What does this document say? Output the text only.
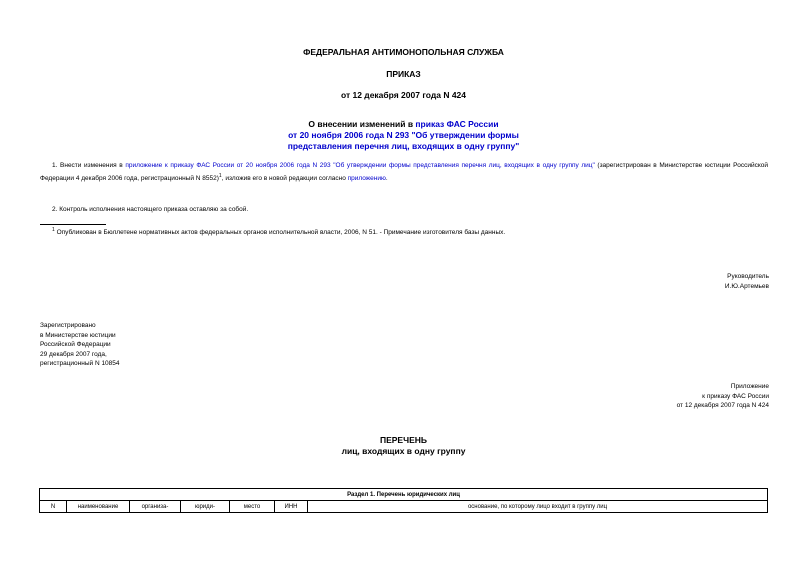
ФЕДЕРАЛЬНАЯ АНТИМОНОПОЛЬНАЯ СЛУЖБА
ПРИКАЗ
от 12 декабря 2007 года N 424
О внесении изменений в приказ ФАС России
от 20 ноября 2006 года N 293 "Об утверждении формы
представления перечня лиц, входящих в одну группу"
1. Внести изменения в приложение к приказу ФАС России от 20 ноября 2006 года N 293 "Об утверждении формы представления перечня лиц, входящих в одну группу лиц" (зарегистрирован в Министерстве юстиции Российской Федерации 4 декабря 2006 года, регистрационный N 8552)$^1$, изложив его в новой редакции согласно приложению.
2. Контроль исполнения настоящего приказа оставляю за собой.
$^1$ Опубликован в Бюллетене нормативных актов федеральных органов исполнительной власти, 2006, N 51. - Примечание изготовителя базы данных.
Руководитель
И.Ю.Артемьев
Зарегистрировано
в Министерстве юстиции
Российской Федерации
29 декабря 2007 года,
регистрационный N 10854
Приложение
к приказу ФАС России
от 12 декабря 2007 года N 424
ПЕРЕЧЕНЬ
лиц, входящих в одну группу
Раздел 1. Перечень юридических лиц
N	наименование	организа-	юриди-	место	ИНН	основание, по которому лицо входит в группу лиц
